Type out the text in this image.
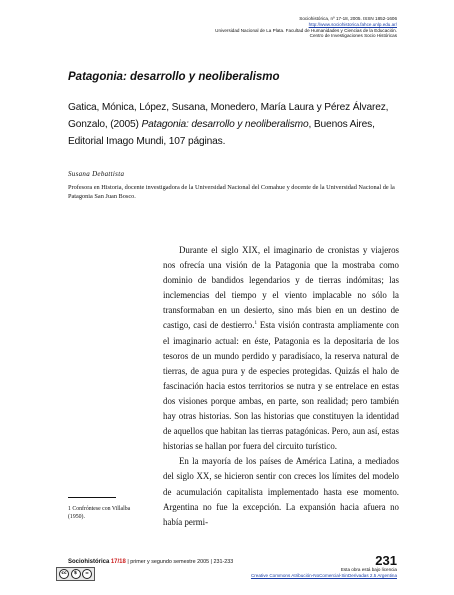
Sociohistórica, nº 17-18, 2005. ISSN 1852-1606
http://www.sociohistorica.fahce.unlp.edu.ar/
Universidad Nacional de La Plata. Facultad de Humanidades y Ciencias de la Educación.
Centro de Investigaciones Socio Históricas
Patagonia: desarrollo y neoliberalismo
Gatica, Mónica, López, Susana, Monedero, María Laura y Pérez Álvarez, Gonzalo, (2005) Patagonia: desarrollo y neoliberalismo, Buenos Aires, Editorial Imago Mundi, 107 páginas.
Susana Debattista
Profesora en Historia, docente investigadora de la Universidad Nacional del Comahue y docente de la Universidad Nacional de la Patagonia San Juan Bosco.

Durante el siglo XIX, el imaginario de cronistas y viajeros nos ofrecía una visión de la Patagonia que la mostraba como dominio de bandidos legendarios y de tierras indómitas; las inclemencias del tiempo y el viento implacable no sólo la transformaban en un desierto, sino más bien en un destino de castigo, casi de destierro.$^1$ Esta visión contrasta ampliamente con el imaginario actual: en éste, Patagonia es la depositaria de los tesoros de un mundo perdido y paradisíaco, la reserva natural de tierras, de agua pura y de especies protegidas. Quizás el halo de fascinación hacia estos territorios se nutra y se entrelace en estas dos visiones porque ambas, en parte, son realidad; pero también hay otras historias. Son las historias que constituyen la identidad de aquellos que habitan las tierras patagónicas. Pero, aun así, estas historias se hallan por fuera del circuito turístico.

En la mayoría de los países de América Latina, a mediados del siglo XX, se hicieron sentir con creces los límites del modelo de acumulación capitalista implementado hasta ese momento. Argentina no fue la excepción. La expansión hacia afuera no había permi-

1 Confróntese con Villalba (1950).
cc	$	=
Sociohistórica 17/18 | primer y segundo semestre 2005 | 231-233	231
Esta obra está bajo licencia
Creative Commons Atribución-NoComercial-SinDerivadas 2.5 Argentina
